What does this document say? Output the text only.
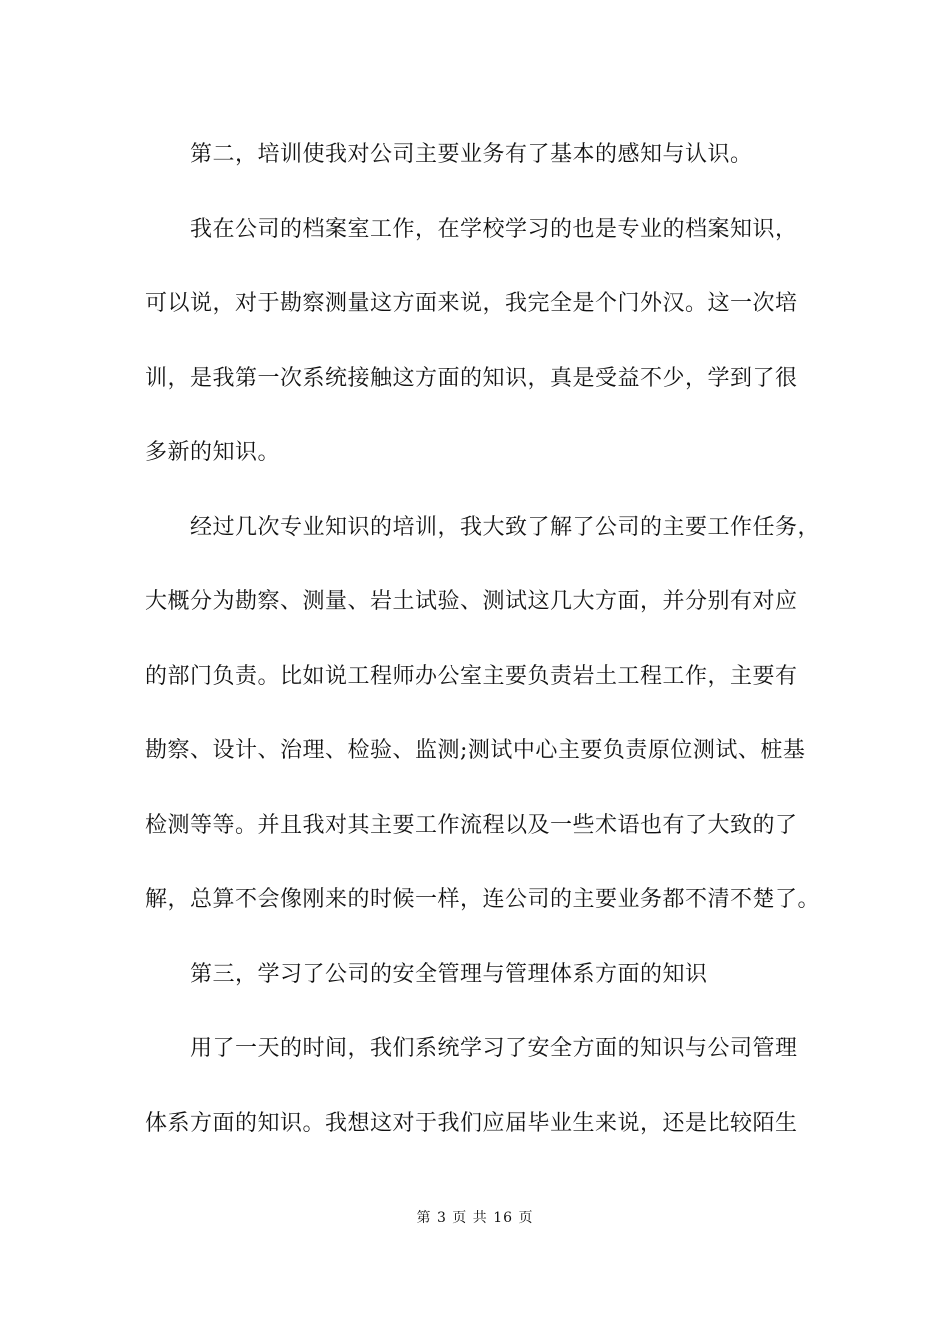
第二，培训使我对公司主要业务有了基本的感知与认识。
我在公司的档案室工作，在学校学习的也是专业的档案知识，
可以说，对于勘察测量这方面来说，我完全是个门外汉。这一次培
训，是我第一次系统接触这方面的知识，真是受益不少，学到了很
多新的知识。
经过几次专业知识的培训，我大致了解了公司的主要工作任务，
大概分为勘察、测量、岩土试验、测试这几大方面，并分别有对应
的部门负责。比如说工程师办公室主要负责岩土工程工作，主要有
勘察、设计、治理、检验、监测;测试中心主要负责原位测试、桩基
检测等等。并且我对其主要工作流程以及一些术语也有了大致的了
解，总算不会像刚来的时候一样，连公司的主要业务都不清不楚了。
第三，学习了公司的安全管理与管理体系方面的知识
用了一天的时间，我们系统学习了安全方面的知识与公司管理
体系方面的知识。我想这对于我们应届毕业生来说，还是比较陌生
第 3 页 共 16 页
